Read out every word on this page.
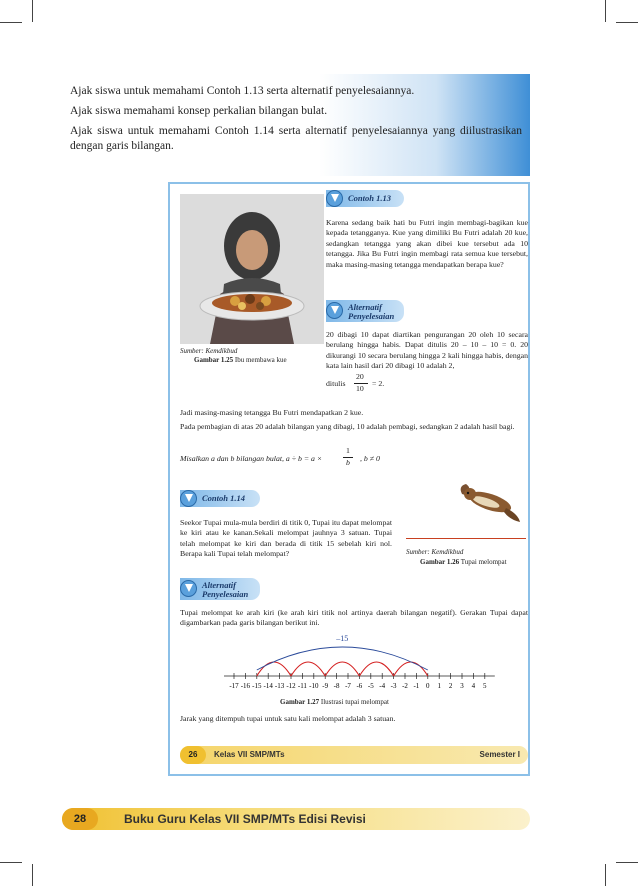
Ajak siswa untuk memahami Contoh 1.13 serta alternatif penyelesaiannya.

Ajak siswa memahami konsep perkalian bilangan bulat.

Ajak siswa untuk memahami Contoh 1.14 serta alternatif penyelesaiannya yang diilustrasikan dengan garis bilangan.

Sumber: Kemdikbud
Gambar 1.25 Ibu membawa kue
Contoh 1.13
Karena sedang baik hati bu Futri ingin membagi-bagikan kue kepada tetangganya. Kue yang dimiliki Bu Futri adalah 20 kue, sedangkan tetangga yang akan dibei kue tersebut ada 10 tetangga. Jika Bu Futri ingin membagi rata semua kue tersebut, maka masing-masing tetangga mendapatkan berapa kue?
Alternatif
Penyelesaian
20 dibagi 10 dapat diartikan pengurangan 20 oleh 10 secara berulang hingga habis. Dapat ditulis 20 – 10 – 10 = 0. 20 dikurangi 10 secara berulang hingga 2 kali hingga habis, dengan kata lain hasil dari 20 dibagi 10 adalah 2,
ditulis
20
10
= 2.
Jadi masing-masing tetangga Bu Futri mendapatkan 2 kue.
Pada pembagian di atas 20 adalah bilangan yang dibagi, 10 adalah pembagi, sedangkan 2 adalah hasil bagi.
Misalkan a dan b bilangan bulat, a ÷ b = a ×
1
b , b ≠ 0
Contoh 1.14
Seekor Tupai mula-mula berdiri di titik 0, Tupai itu dapat melompat ke kiri atau ke kanan.Sekali melompat jauhnya 3 satuan. Tupai telah melompat ke kiri dan berada di titik 15 sebelah kiri nol. Berapa kali Tupai telah melompat?	Sumber: Kemdikbud
Gambar 1.26 Tupai melompat
Alternatif
Penyelesaian
Tupai melompat ke arah kiri (ke arah kiri titik nol artinya daerah bilangan negatif). Gerakan Tupai dapat digambarkan pada garis bilangan berikut ini.
-17 -16 -15 -14 -13 -12 -11 -10 -9 -8 -7 -6 -5 -4 -3 -2 -1 0 1 2 3 4 5
–15
Gambar 1.27 Ilustrasi tupai melompat
Jarak yang ditempuh tupai untuk satu kali melompat adalah 3 satuan.
26	Kelas VII SMP/MTs	Semester I
28	Buku Guru Kelas VII SMP/MTs Edisi Revisi
